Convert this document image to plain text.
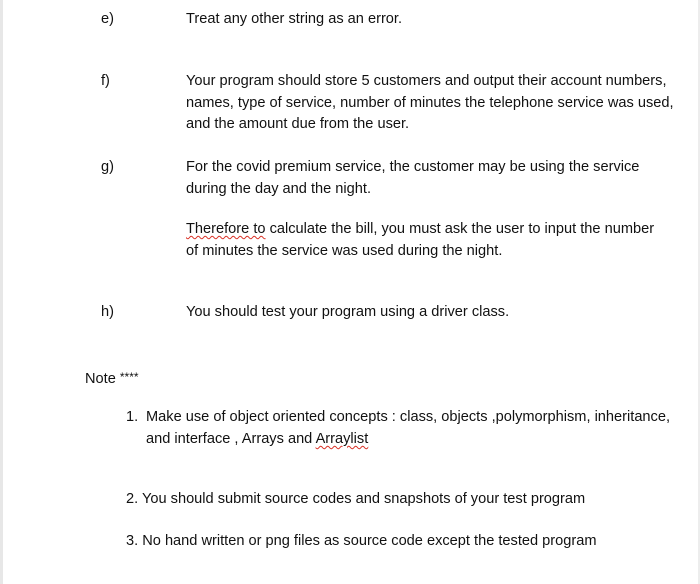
e)	Treat any other string as an error.

f)	Your program should store 5 customers and output their account numbers,
names, type of service, number of minutes the telephone service was used,
and the amount due from the user.

g)	For the covid premium service, the customer may be using the service
during the day and the night.

Therefore to calculate the bill, you must ask the user to input the number
of minutes the service was used during the night.

h)	You should test your program using a driver class.

Note ****
1. Make use of object oriented concepts : class, objects ,polymorphism, inheritance,
and interface , Arrays and Arraylist
2. You should submit source codes and snapshots of your test program
3. No hand written or png files as source code except the tested program
